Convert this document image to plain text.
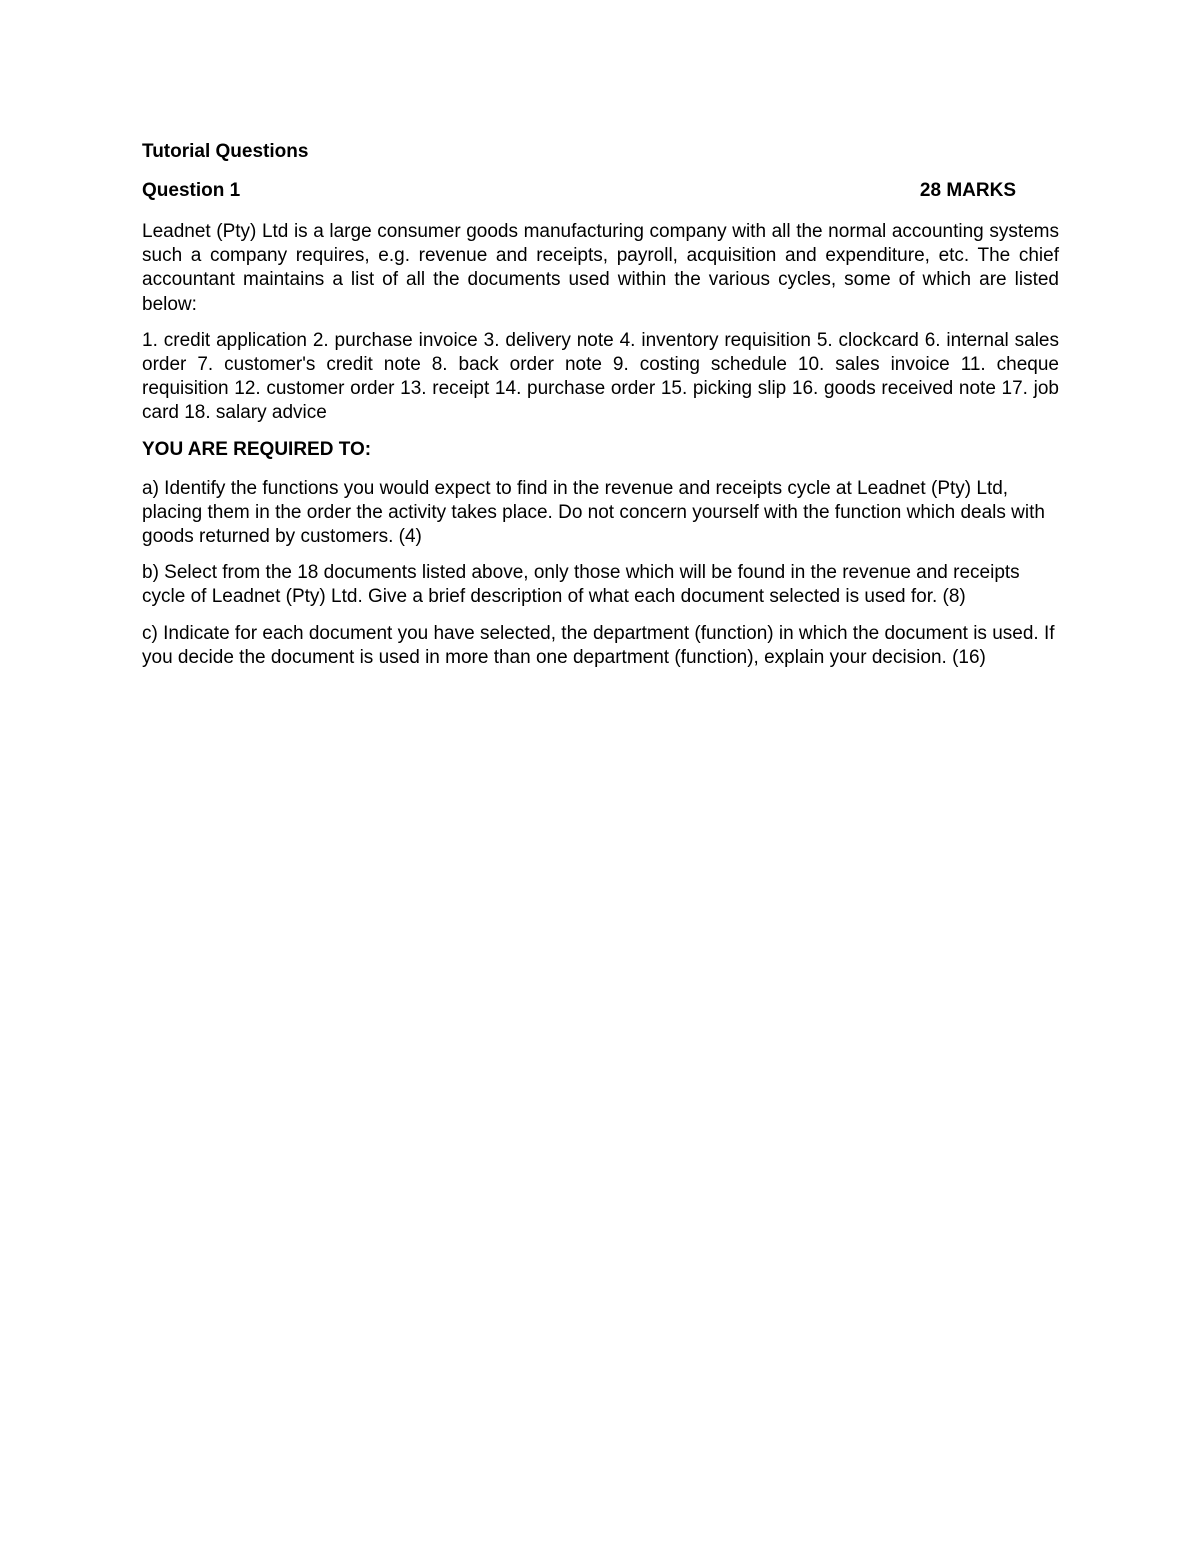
Tutorial Questions
Question 1	28 MARKS

Leadnet (Pty) Ltd is a large consumer goods manufacturing company with all the normal accounting systems such a company requires, e.g. revenue and receipts, payroll, acquisition and expenditure, etc. The chief accountant maintains a list of all the documents used within the various cycles, some of which are listed below:

1. credit application 2. purchase invoice 3. delivery note 4. inventory requisition 5. clockcard 6. internal sales order 7. customer's credit note 8. back order note 9. costing schedule 10. sales invoice 11. cheque requisition 12. customer order 13. receipt 14. purchase order 15. picking slip 16. goods received note 17. job card 18. salary advice

YOU ARE REQUIRED TO:

a) Identify the functions you would expect to find in the revenue and receipts cycle at Leadnet (Pty) Ltd, placing them in the order the activity takes place. Do not concern yourself with the function which deals with goods returned by customers. (4)

b) Select from the 18 documents listed above, only those which will be found in the revenue and receipts cycle of Leadnet (Pty) Ltd. Give a brief description of what each document selected is used for. (8)

c) Indicate for each document you have selected, the department (function) in which the document is used. If you decide the document is used in more than one department (function), explain your decision. (16)
